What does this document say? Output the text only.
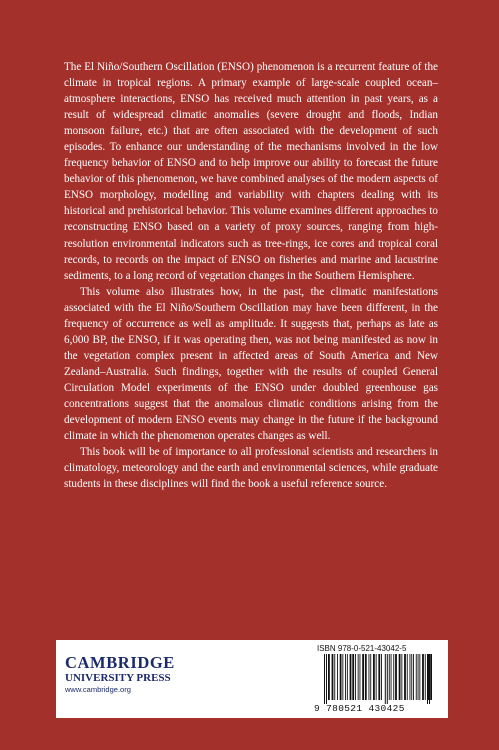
The El Niño/Southern Oscillation (ENSO) phenomenon is a recurrent feature of the climate in tropical regions. A primary example of large-scale coupled ocean–atmosphere interactions, ENSO has received much attention in past years, as a result of widespread climatic anomalies (severe drought and floods, Indian monsoon failure, etc.) that are often associated with the development of such episodes. To enhance our understanding of the mechanisms involved in the low frequency behavior of ENSO and to help improve our ability to forecast the future behavior of this phenomenon, we have combined analyses of the modern aspects of ENSO morphology, modelling and variability with chapters dealing with its historical and prehistorical behavior. This volume examines different approaches to reconstructing ENSO based on a variety of proxy sources, ranging from high-resolution environmental indicators such as tree-rings, ice cores and tropical coral records, to records on the impact of ENSO on fisheries and marine and lacustrine sediments, to a long record of vegetation changes in the Southern Hemisphere.

This volume also illustrates how, in the past, the climatic manifestations associated with the El Niño/Southern Oscillation may have been different, in the frequency of occurrence as well as amplitude. It suggests that, perhaps as late as 6,000 BP, the ENSO, if it was operating then, was not being manifested as now in the vegetation complex present in affected areas of South America and New Zealand–Australia. Such findings, together with the results of coupled General Circulation Model experiments of the ENSO under doubled greenhouse gas concentrations suggest that the anomalous climatic conditions arising from the development of modern ENSO events may change in the future if the background climate in which the phenomenon operates changes as well.

This book will be of importance to all professional scientists and researchers in climatology, meteorology and the earth and environmental sciences, while graduate students in these disciplines will find the book a useful reference source.

CAMBRIDGE
UNIVERSITY PRESS
www.cambridge.org
ISBN 978-0-521-43042-5
9 780521 430425
